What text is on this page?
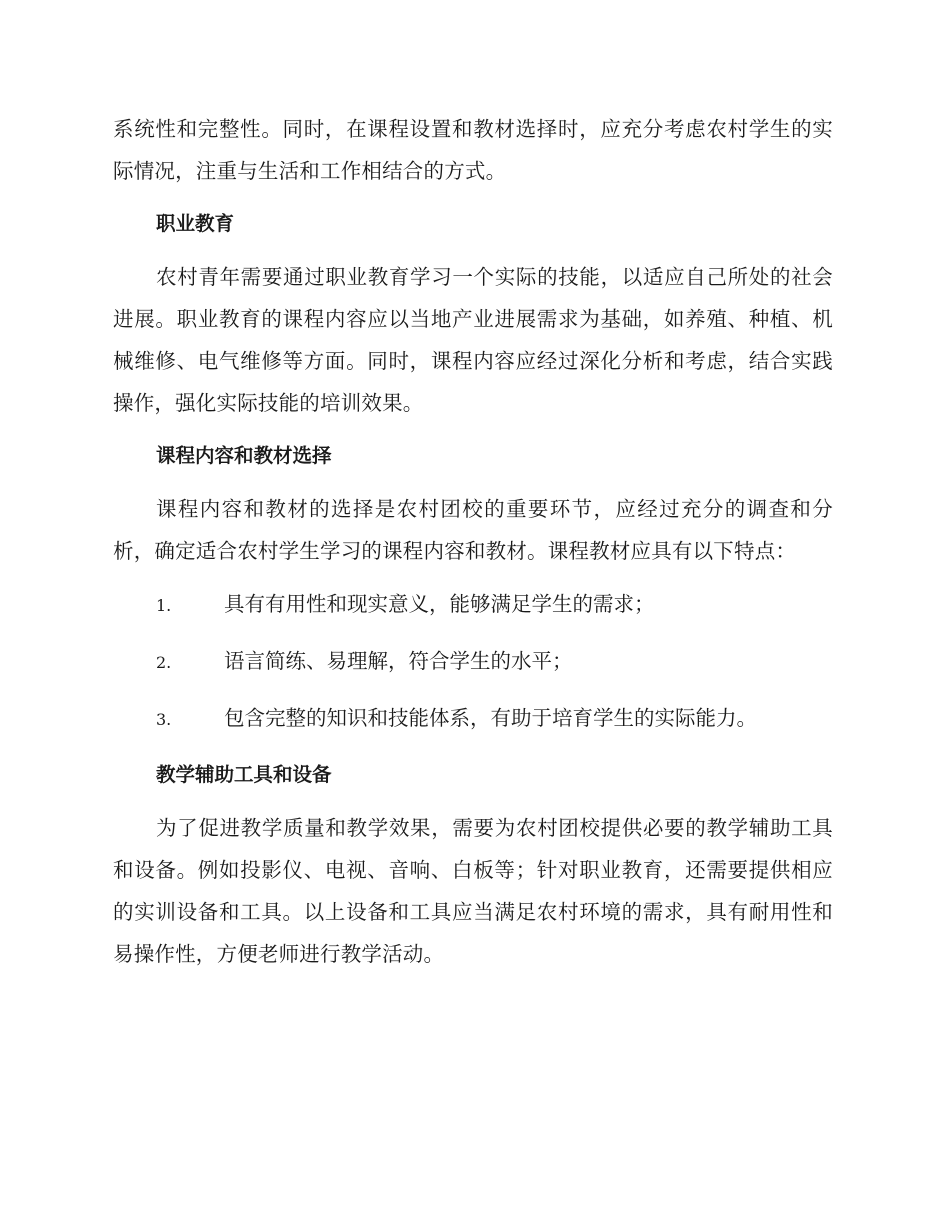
系统性和完整性。同时，在课程设置和教材选择时，应充分考虑农村学生的实际情况，注重与生活和工作相结合的方式。

职业教育

农村青年需要通过职业教育学习一个实际的技能，以适应自己所处的社会进展。职业教育的课程内容应以当地产业进展需求为基础，如养殖、种植、机械维修、电气维修等方面。同时，课程内容应经过深化分析和考虑，结合实践操作，强化实际技能的培训效果。

课程内容和教材选择

课程内容和教材的选择是农村团校的重要环节，应经过充分的调查和分析，确定适合农村学生学习的课程内容和教材。课程教材应具有以下特点：

1.	具有有用性和现实意义，能够满足学生的需求；
2.	语言简练、易理解，符合学生的水平；
3.	包含完整的知识和技能体系，有助于培育学生的实际能力。
教学辅助工具和设备

为了促进教学质量和教学效果，需要为农村团校提供必要的教学辅助工具和设备。例如投影仪、电视、音响、白板等；针对职业教育，还需要提供相应的实训设备和工具。以上设备和工具应当满足农村环境的需求，具有耐用性和易操作性，方便老师进行教学活动。
